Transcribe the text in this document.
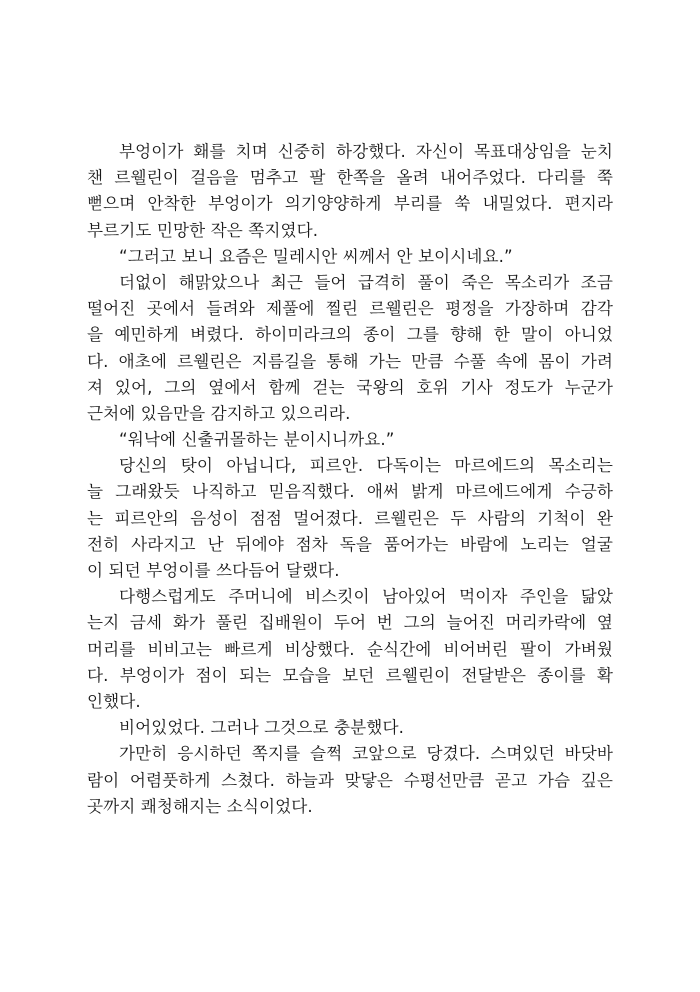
부엉이가 홰를 치며 신중히 하강했다. 자신이 목표대상임을 눈치
챈 르웰린이 걸음을 멈추고 팔 한쪽을 올려 내어주었다. 다리를 쭉
뻗으며 안착한 부엉이가 의기양양하게 부리를 쑥 내밀었다. 편지라
부르기도 민망한 작은 쪽지였다.
“그러고 보니 요즘은 밀레시안 씨께서 안 보이시네요.”
더없이 해맑았으나 최근 들어 급격히 풀이 죽은 목소리가 조금
떨어진 곳에서 들려와 제풀에 찔린 르웰린은 평정을 가장하며 감각
을 예민하게 벼렸다. 하이미라크의 종이 그를 향해 한 말이 아니었
다. 애초에 르웰린은 지름길을 통해 가는 만큼 수풀 속에 몸이 가려
져 있어, 그의 옆에서 함께 걷는 국왕의 호위 기사 정도가 누군가
근처에 있음만을 감지하고 있으리라.
“워낙에 신출귀몰하는 분이시니까요.”
당신의 탓이 아닙니다, 피르안. 다독이는 마르에드의 목소리는
늘 그래왔듯 나직하고 믿음직했다. 애써 밝게 마르에드에게 수긍하
는 피르안의 음성이 점점 멀어졌다. 르웰린은 두 사람의 기척이 완
전히 사라지고 난 뒤에야 점차 독을 품어가는 바람에 노리는 얼굴
이 되던 부엉이를 쓰다듬어 달랬다.
다행스럽게도 주머니에 비스킷이 남아있어 먹이자 주인을 닮았
는지 금세 화가 풀린 집배원이 두어 번 그의 늘어진 머리카락에 옆
머리를 비비고는 빠르게 비상했다. 순식간에 비어버린 팔이 가벼웠
다. 부엉이가 점이 되는 모습을 보던 르웰린이 전달받은 종이를 확
인했다.
비어있었다. 그러나 그것으로 충분했다.
가만히 응시하던 쪽지를 슬쩍 코앞으로 당겼다. 스며있던 바닷바
람이 어렴풋하게 스쳤다. 하늘과 맞닿은 수평선만큼 곧고 가슴 깊은
곳까지 쾌청해지는 소식이었다.
